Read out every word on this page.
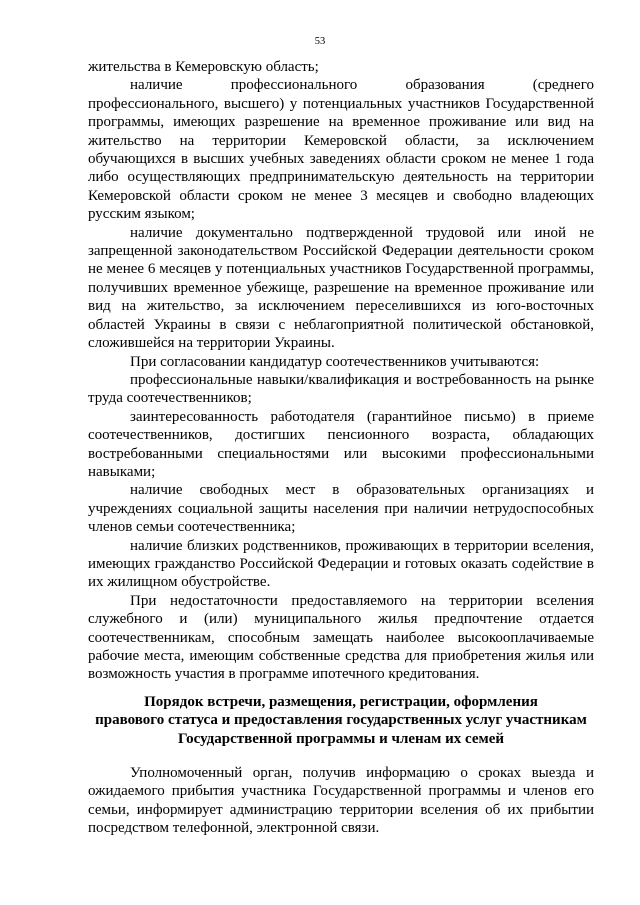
53

жительства в Кемеровскую область;

наличие профессионального образования (среднего профессионального, высшего) у потенциальных участников Государственной программы, имеющих разрешение на временное проживание или вид на жительство на территории Кемеровской области, за исключением обучающихся в высших учебных заведениях области сроком не менее 1 года либо осуществляющих предпринимательскую деятельность на территории Кемеровской области сроком не менее 3 месяцев и свободно владеющих русским языком;

наличие документально подтвержденной трудовой или иной не запрещенной законодательством Российской Федерации деятельности сроком не менее 6 месяцев у потенциальных участников Государственной программы, получивших временное убежище, разрешение на временное проживание или вид на жительство, за исключением переселившихся из юго-восточных областей Украины в связи с неблагоприятной политической обстановкой, сложившейся на территории Украины.

При согласовании кандидатур соотечественников учитываются:

профессиональные навыки/квалификация и востребованность на рынке труда соотечественников;

заинтересованность работодателя (гарантийное письмо) в приеме соотечественников, достигших пенсионного возраста, обладающих востребованными специальностями или высокими профессиональными навыками;

наличие свободных мест в образовательных организациях и учреждениях социальной защиты населения при наличии нетрудоспособных членов семьи соотечественника;

наличие близких родственников, проживающих в территории вселения, имеющих гражданство Российской Федерации и готовых оказать содействие в их жилищном обустройстве.

При недостаточности предоставляемого на территории вселения служебного и (или) муниципального жилья предпочтение отдается соотечественникам, способным замещать наиболее высокооплачиваемые рабочие места, имеющим собственные средства для приобретения жилья или возможность участия в программе ипотечного кредитования.

Порядок встречи, размещения, регистрации, оформления
правового статуса и предоставления государственных услуг участникам
Государственной программы и членам их семей

Уполномоченный орган, получив информацию о сроках выезда и ожидаемого прибытия участника Государственной программы и членов его семьи, информирует администрацию территории вселения об их прибытии посредством телефонной, электронной связи.
